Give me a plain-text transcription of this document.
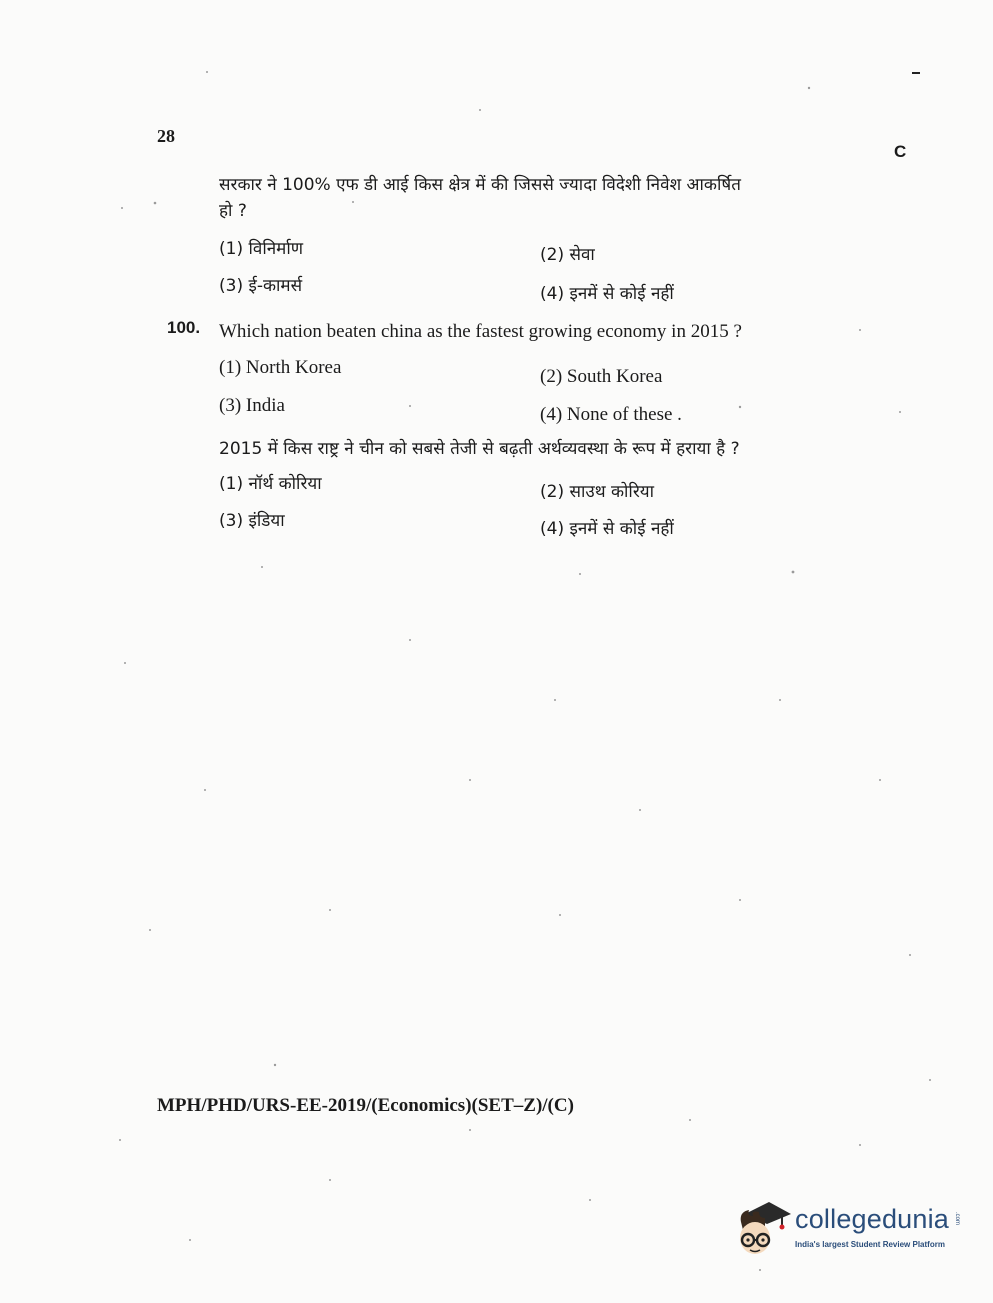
28
C
सरकार ने 100% एफ डी आई किस क्षेत्र में की जिससे ज्यादा विदेशी निवेश आकर्षित
हो ?
(1) विनिर्माण	(2) सेवा
(3) ई-कामर्स	(4) इनमें से कोई नहीं
100. Which nation beaten china as the fastest growing economy in 2015 ?
(1) North Korea	(2) South Korea
(3) India	(4) None of these .
2015 में किस राष्ट्र ने चीन को सबसे तेजी से बढ़ती अर्थव्यवस्था के रूप में हराया है ?
(1) नॉर्थ कोरिया	(2) साउथ कोरिया
(3) इंडिया	(4) इनमें से कोई नहीं
MPH/PHD/URS-EE-2019/(Economics)(SET–Z)/(C)
collegedunia .com
India's largest Student Review Platform
